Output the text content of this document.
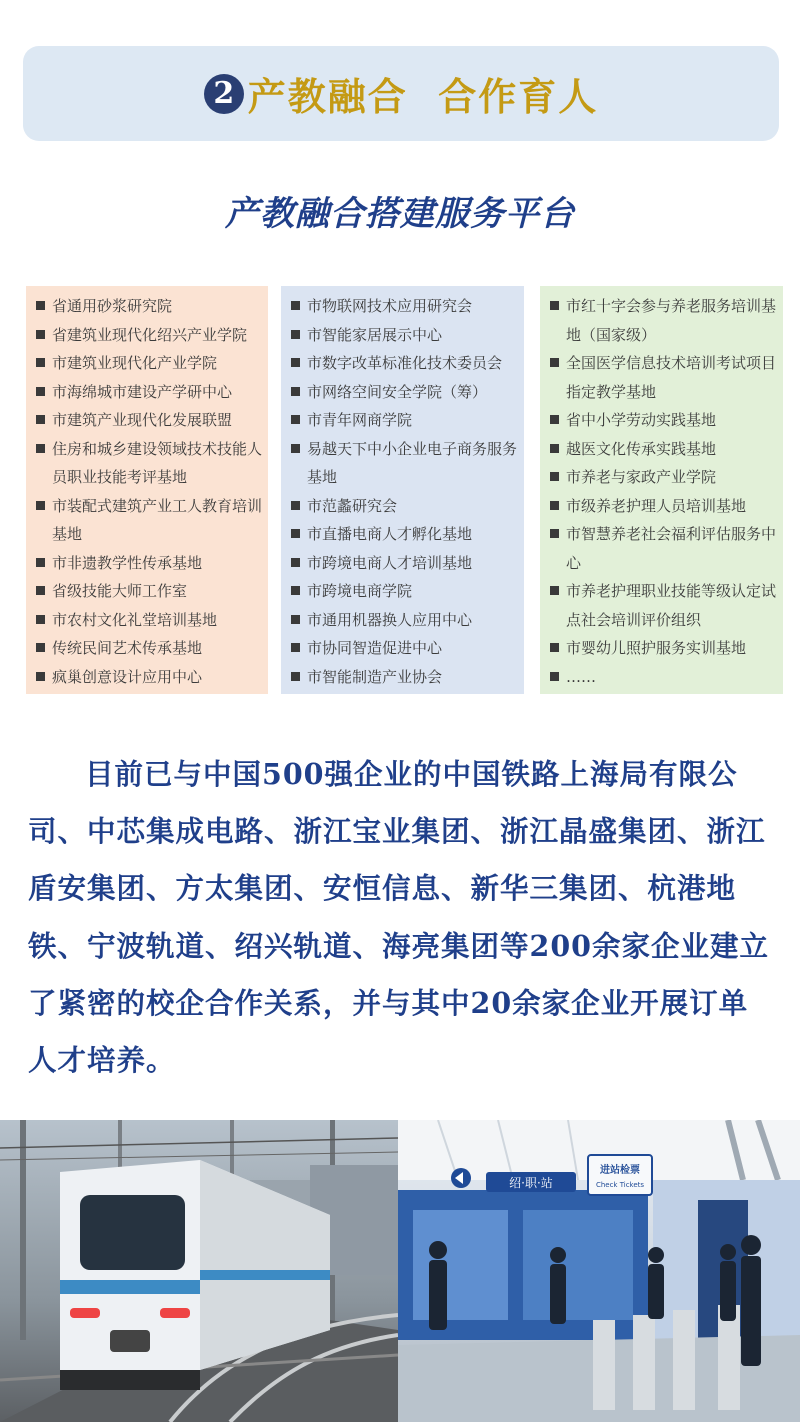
2 产教融合  合作育人
产教融合搭建服务平台
省通用砂浆研究院
省建筑业现代化绍兴产业学院
市建筑业现代化产业学院
市海绵城市建设产学研中心
市建筑产业现代化发展联盟
住房和城乡建设领域技术技能人员职业技能考评基地
市装配式建筑产业工人教育培训基地
市非遗教学性传承基地
省级技能大师工作室
市农村文化礼堂培训基地
传统民间艺术传承基地
疯巢创意设计应用中心
市物联网技术应用研究会
市智能家居展示中心
市数字改革标准化技术委员会
市网络空间安全学院（筹）
市青年网商学院
易越天下中小企业电子商务服务基地
市范蠡研究会
市直播电商人才孵化基地
市跨境电商人才培训基地
市跨境电商学院
市通用机器换人应用中心
市协同智造促进中心
市智能制造产业协会
市红十字会参与养老服务培训基地（国家级）
全国医学信息技术培训考试项目指定教学基地
省中小学劳动实践基地
越医文化传承实践基地
市养老与家政产业学院
市级养老护理人员培训基地
市智慧养老社会福利评估服务中心
市养老护理职业技能等级认定试点社会培训评价组织
市婴幼儿照护服务实训基地
……
目前已与中国500强企业的中国铁路上海局有限公司、中芯集成电路、浙江宝业集团、浙江晶盛集团、浙江盾安集团、方太集团、安恒信息、新华三集团、杭港地铁、宁波轨道、绍兴轨道、海亮集团等200余家企业建立了紧密的校企合作关系，并与其中20余家企业开展订单人才培养。
绍·职·站
进站检票
Check Tickets
